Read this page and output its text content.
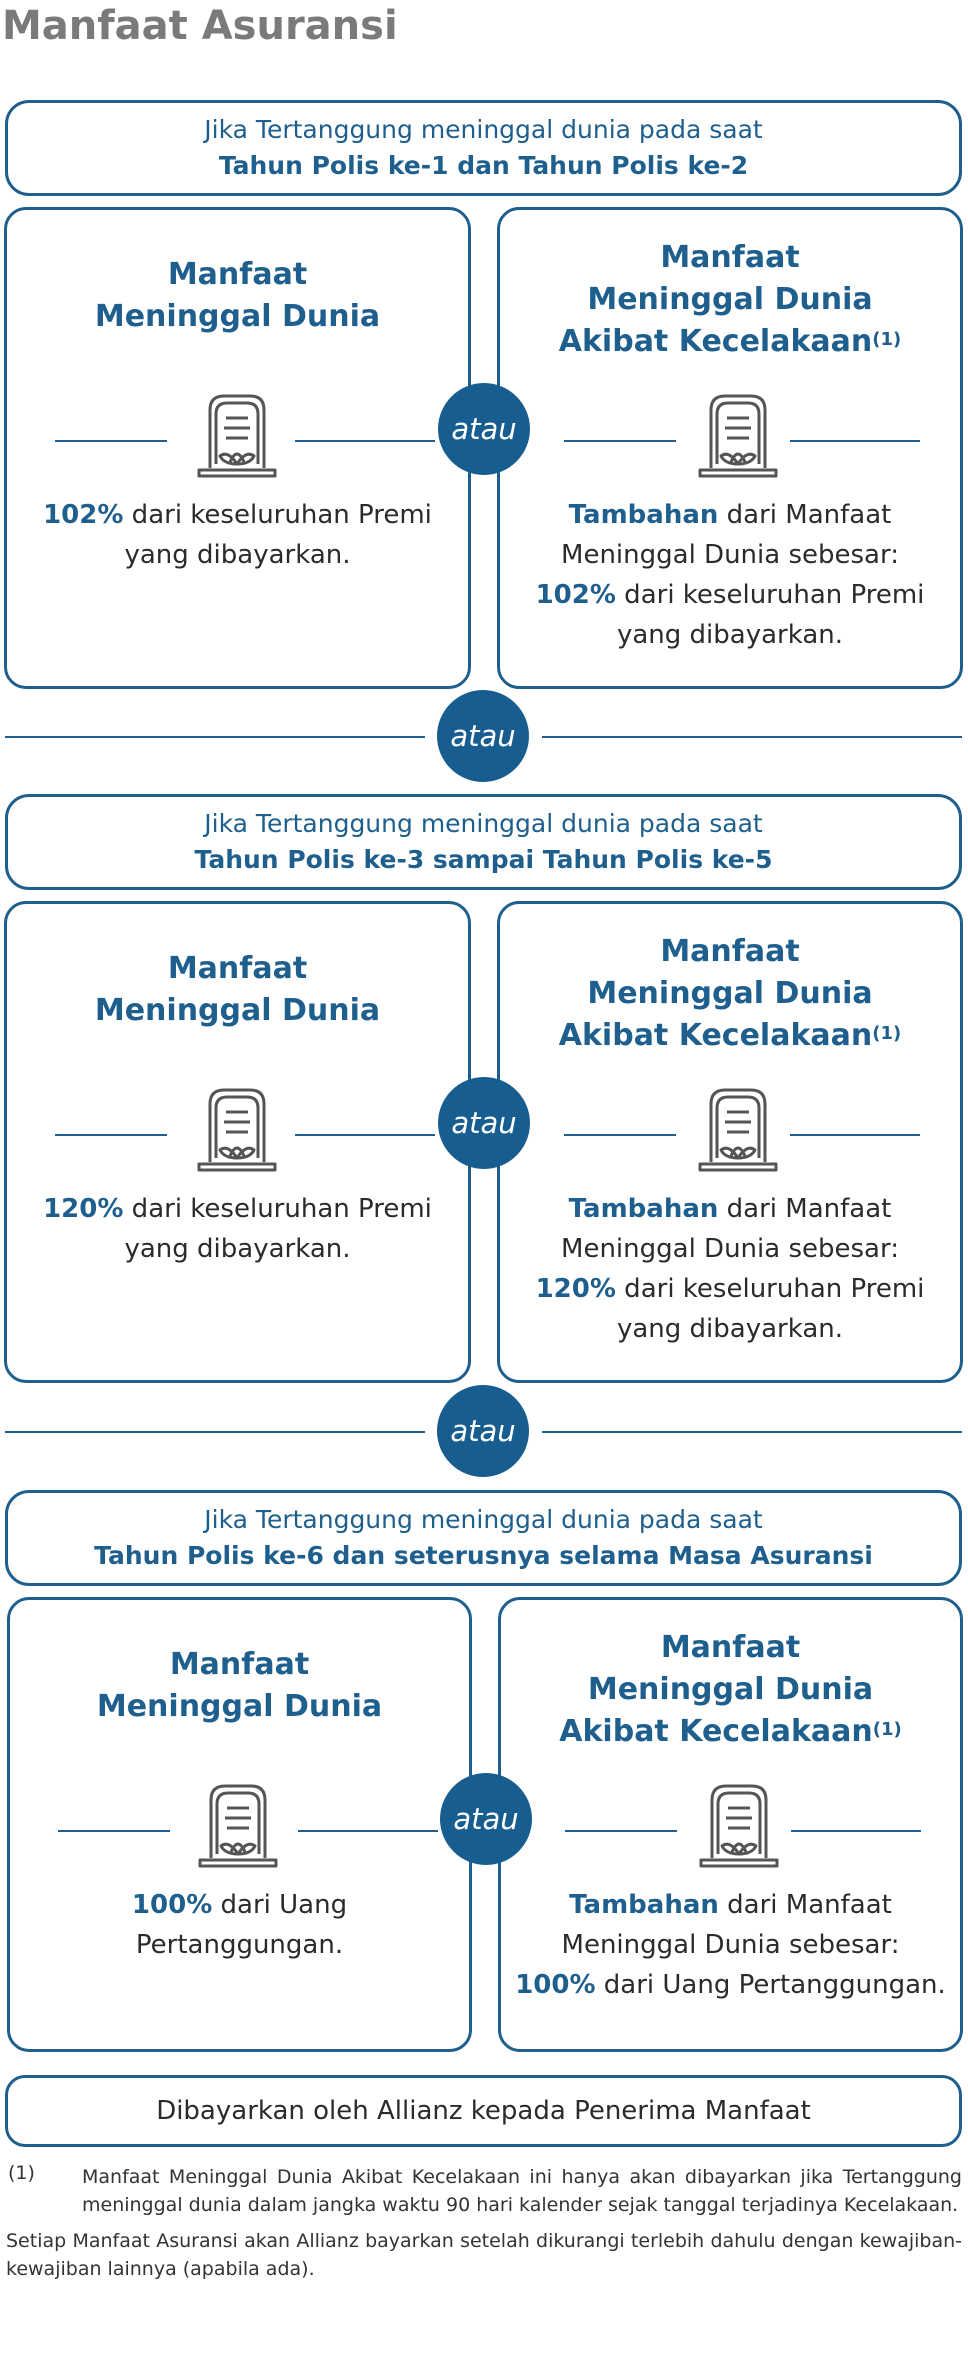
Manfaat Asuransi
Jika Tertanggung meninggal dunia pada saat
Tahun Polis ke-1 dan Tahun Polis ke-2
Manfaat
Meninggal Dunia
102% dari keseluruhan Premi
yang dibayarkan.
Manfaat
Meninggal Dunia
Akibat Kecelakaan$^{(1)}$
Tambahan dari Manfaat
Meninggal Dunia sebesar:
102% dari keseluruhan Premi
yang dibayarkan.
atau
atau
Jika Tertanggung meninggal dunia pada saat
Tahun Polis ke-3 sampai Tahun Polis ke-5
Manfaat
Meninggal Dunia
120% dari keseluruhan Premi
yang dibayarkan.
Manfaat
Meninggal Dunia
Akibat Kecelakaan$^{(1)}$
Tambahan dari Manfaat
Meninggal Dunia sebesar:
120% dari keseluruhan Premi
yang dibayarkan.
atau
atau
Jika Tertanggung meninggal dunia pada saat
Tahun Polis ke-6 dan seterusnya selama Masa Asuransi
Manfaat
Meninggal Dunia
100% dari Uang
Pertanggungan.
Manfaat
Meninggal Dunia
Akibat Kecelakaan$^{(1)}$
Tambahan dari Manfaat
Meninggal Dunia sebesar:
100% dari Uang Pertanggungan.
atau
Dibayarkan oleh Allianz kepada Penerima Manfaat
(1) Manfaat Meninggal Dunia Akibat Kecelakaan ini hanya akan dibayarkan jika Tertanggung meninggal dunia dalam jangka waktu 90 hari kalender sejak tanggal terjadinya Kecelakaan.
Setiap Manfaat Asuransi akan Allianz bayarkan setelah dikurangi terlebih dahulu dengan kewajiban-kewajiban lainnya (apabila ada).
